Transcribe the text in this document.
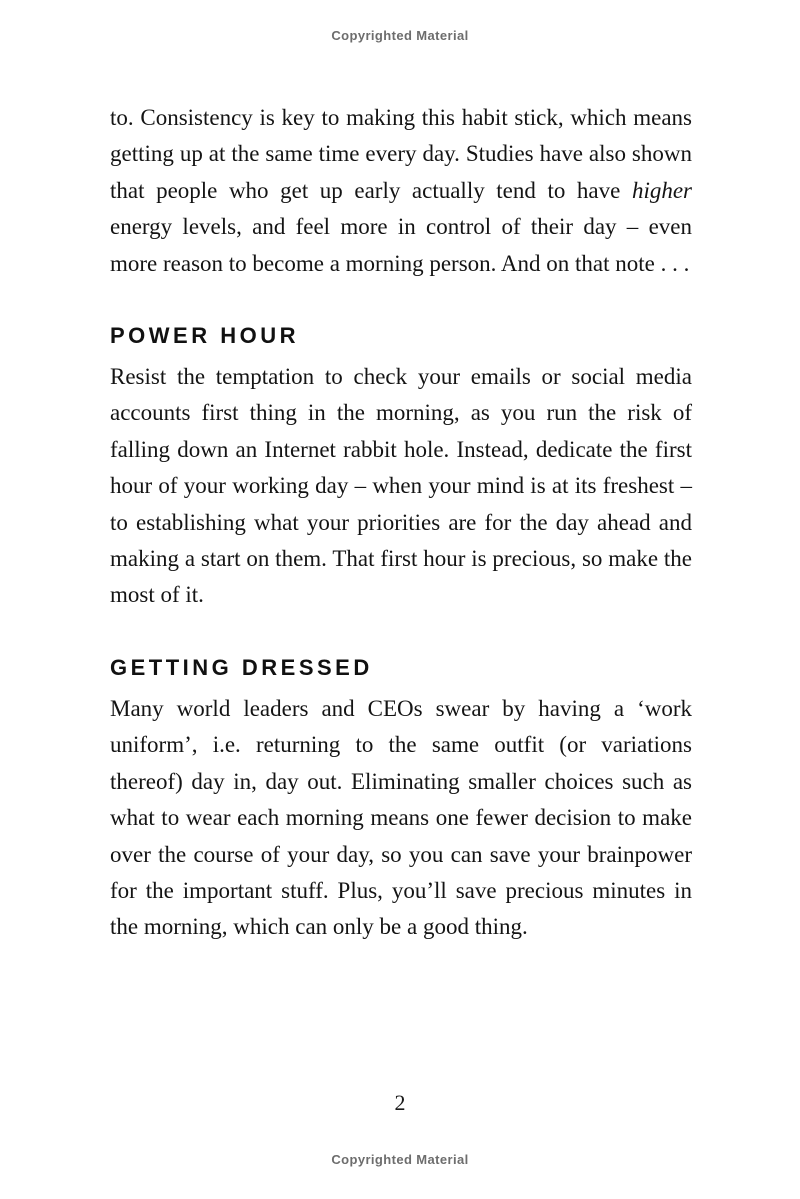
Copyrighted Material

to. Consistency is key to making this habit stick, which means getting up at the same time every day. Studies have also shown that people who get up early actually tend to have higher energy levels, and feel more in control of their day – even more reason to become a morning person. And on that note . . .

POWER HOUR

Resist the temptation to check your emails or social media accounts first thing in the morning, as you run the risk of falling down an Internet rabbit hole. Instead, dedicate the first hour of your working day – when your mind is at its freshest – to establishing what your priorities are for the day ahead and making a start on them. That first hour is precious, so make the most of it.

GETTING DRESSED

Many world leaders and CEOs swear by having a ‘work uniform’, i.e. returning to the same outfit (or variations thereof) day in, day out. Eliminating smaller choices such as what to wear each morning means one fewer decision to make over the course of your day, so you can save your brainpower for the important stuff. Plus, you’ll save precious minutes in the morning, which can only be a good thing.

2
Copyrighted Material
